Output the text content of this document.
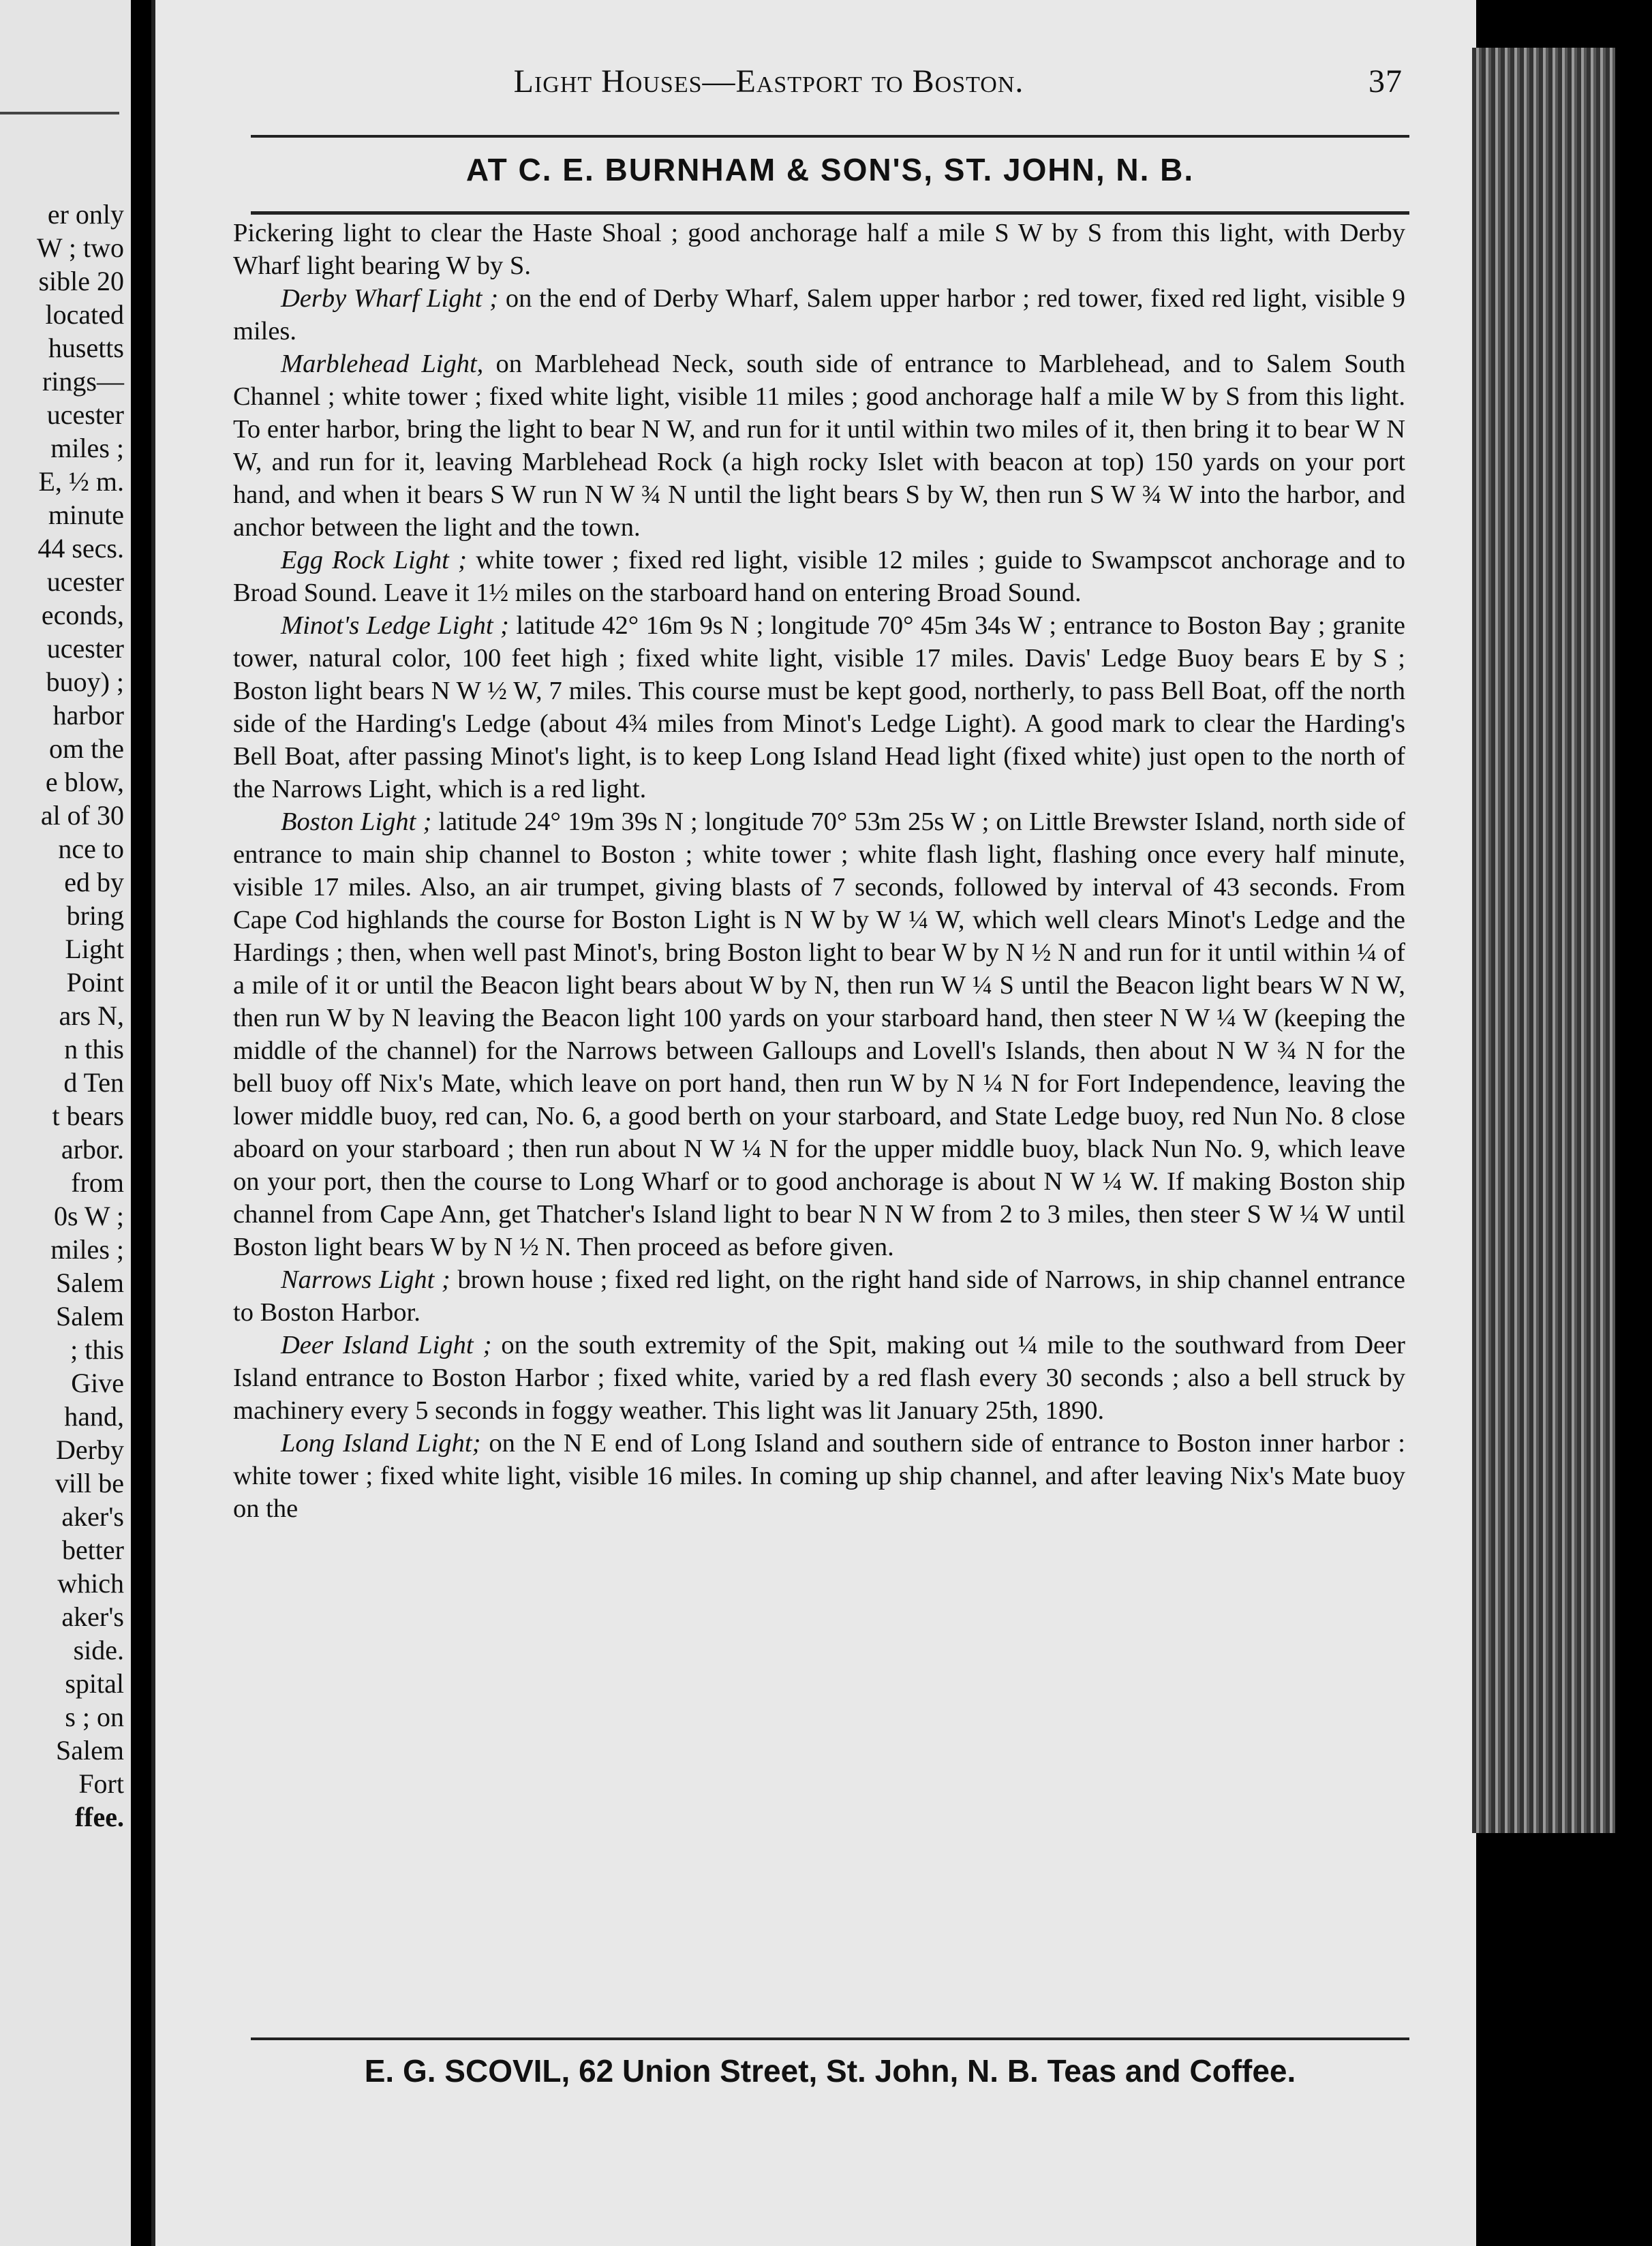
er only
W ; two
sible 20
located
husetts
rings—
ucester
miles ;
E, ½ m.
minute
44 secs.
ucester
econds,
ucester
buoy) ;
harbor
om the
e blow,
al of 30
nce to
ed by
bring
Light
Point
ars N,
n this
d Ten
t bears
arbor.
from
0s W ;
miles ;
Salem
Salem
; this
Give
hand,
Derby
vill be
aker's
better
which
aker's
side.
spital
s ; on
Salem
Fort
ffee.
Light Houses—Eastport to Boston.	37
AT C. E. BURNHAM & SON'S, ST. JOHN, N. B.

Pickering light to clear the Haste Shoal ; good anchorage half a mile S W by S from this light, with Derby Wharf light bearing W by S.

Derby Wharf Light ; on the end of Derby Wharf, Salem upper harbor ; red tower, fixed red light, visible 9 miles.

Marblehead Light, on Marblehead Neck, south side of entrance to Marblehead, and to Salem South Channel ; white tower ; fixed white light, visible 11 miles ; good anchorage half a mile W by S from this light. To enter harbor, bring the light to bear N W, and run for it until within two miles of it, then bring it to bear W N W, and run for it, leaving Marblehead Rock (a high rocky Islet with beacon at top) 150 yards on your port hand, and when it bears S W run N W ¾ N until the light bears S by W, then run S W ¾ W into the harbor, and anchor between the light and the town.

Egg Rock Light ; white tower ; fixed red light, visible 12 miles ; guide to Swampscot anchorage and to Broad Sound. Leave it 1½ miles on the starboard hand on entering Broad Sound.

Minot's Ledge Light ; latitude 42° 16m 9s N ; longitude 70° 45m 34s W ; entrance to Boston Bay ; granite tower, natural color, 100 feet high ; fixed white light, visible 17 miles. Davis' Ledge Buoy bears E by S ; Boston light bears N W ½ W, 7 miles. This course must be kept good, northerly, to pass Bell Boat, off the north side of the Harding's Ledge (about 4¾ miles from Minot's Ledge Light). A good mark to clear the Harding's Bell Boat, after passing Minot's light, is to keep Long Island Head light (fixed white) just open to the north of the Narrows Light, which is a red light.

Boston Light ; latitude 24° 19m 39s N ; longitude 70° 53m 25s W ; on Little Brewster Island, north side of entrance to main ship channel to Boston ; white tower ; white flash light, flashing once every half minute, visible 17 miles. Also, an air trumpet, giving blasts of 7 seconds, followed by interval of 43 seconds. From Cape Cod highlands the course for Boston Light is N W by W ¼ W, which well clears Minot's Ledge and the Hardings ; then, when well past Minot's, bring Boston light to bear W by N ½ N and run for it until within ¼ of a mile of it or until the Beacon light bears about W by N, then run W ¼ S until the Beacon light bears W N W, then run W by N leaving the Beacon light 100 yards on your starboard hand, then steer N W ¼ W (keeping the middle of the channel) for the Narrows between Galloups and Lovell's Islands, then about N W ¾ N for the bell buoy off Nix's Mate, which leave on port hand, then run W by N ¼ N for Fort Independence, leaving the lower middle buoy, red can, No. 6, a good berth on your starboard, and State Ledge buoy, red Nun No. 8 close aboard on your starboard ; then run about N W ¼ N for the upper middle buoy, black Nun No. 9, which leave on your port, then the course to Long Wharf or to good anchorage is about N W ¼ W. If making Boston ship channel from Cape Ann, get Thatcher's Island light to bear N N W from 2 to 3 miles, then steer S W ¼ W until Boston light bears W by N ½ N. Then proceed as before given.

Narrows Light ; brown house ; fixed red light, on the right hand side of Narrows, in ship channel entrance to Boston Harbor.

Deer Island Light ; on the south extremity of the Spit, making out ¼ mile to the southward from Deer Island entrance to Boston Harbor ; fixed white, varied by a red flash every 30 seconds ; also a bell struck by machinery every 5 seconds in foggy weather. This light was lit January 25th, 1890.

Long Island Light; on the N E end of Long Island and southern side of entrance to Boston inner harbor : white tower ; fixed white light, visible 16 miles. In coming up ship channel, and after leaving Nix's Mate buoy on the

E. G. SCOVIL, 62 Union Street, St. John, N. B. Teas and Coffee.
